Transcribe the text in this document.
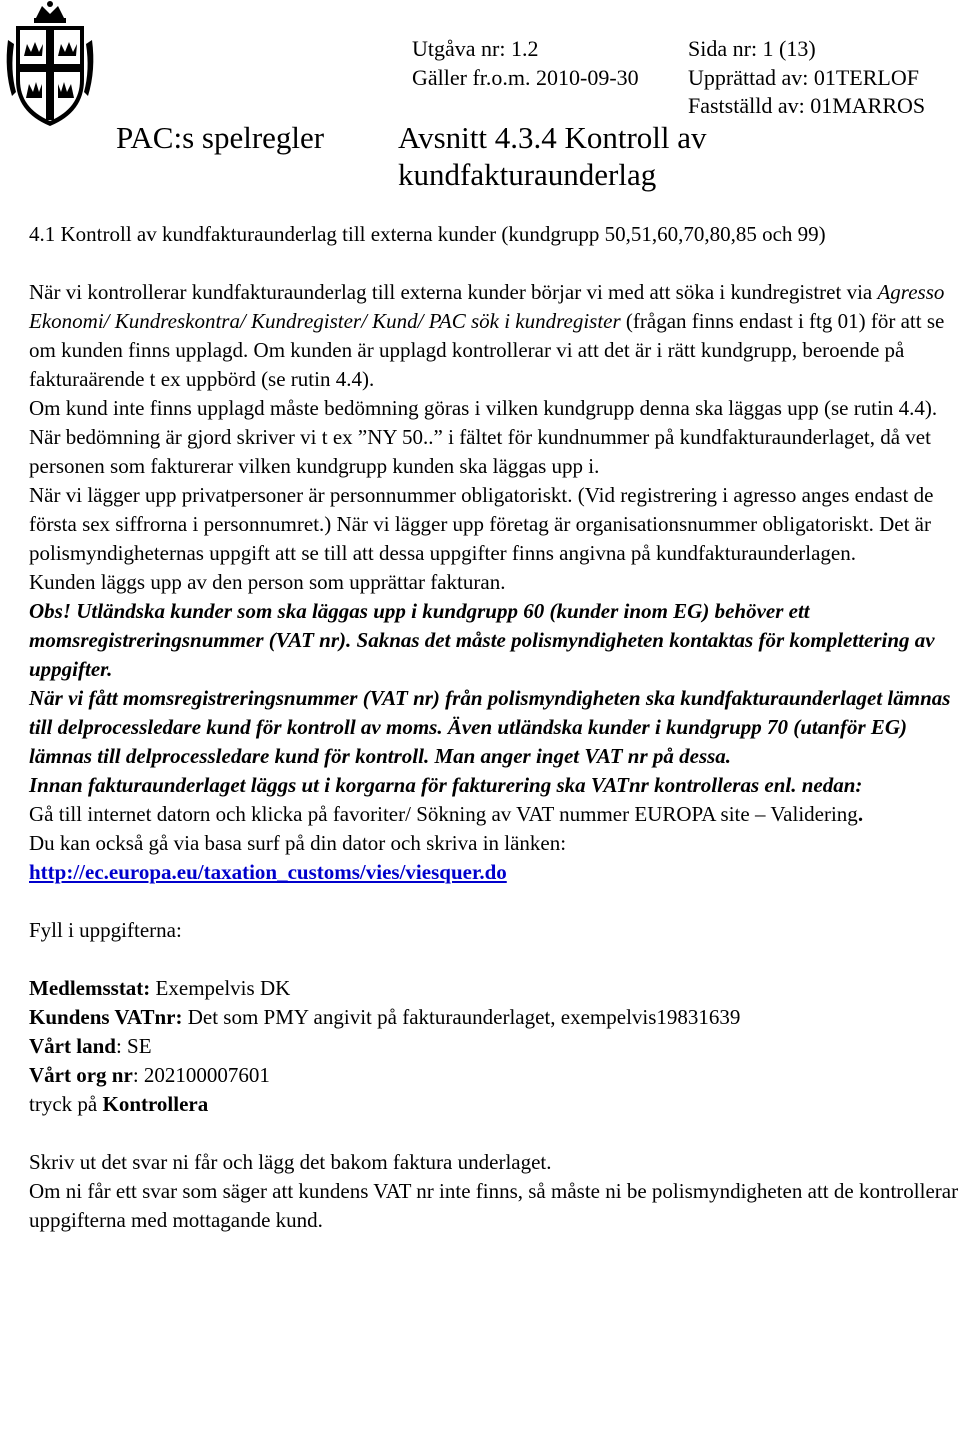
Utgåva nr: 1.2	Sida nr: 1 (13)
Gäller fr.o.m. 2010-09-30 Upprättad av: 01TERLOF
Fastställd av: 01MARROS
PAC:s spelregler Avsnitt 4.3.4 Kontroll av
kundfakturaunderlag

4.1 Kontroll av kundfakturaunderlag till externa kunder (kundgrupp 50,51,60,70,80,85 och 99)

När vi kontrollerar kundfakturaunderlag till externa kunder börjar vi med att söka i kundregistret via Agresso Ekonomi/ Kundreskontra/ Kundregister/ Kund/ PAC sök i kundregister (frågan finns endast i ftg 01) för att se om kunden finns upplagd. Om kunden är upplagd kontrollerar vi att det är i rätt kundgrupp, beroende på fakturaärende t ex uppbörd (se rutin 4.4).

Om kund inte finns upplagd måste bedömning göras i vilken kundgrupp denna ska läggas upp (se rutin 4.4). När bedömning är gjord skriver vi t ex ”NY 50..” i fältet för kundnummer på kundfakturaunderlaget, då vet personen som fakturerar vilken kundgrupp kunden ska läggas upp i.

När vi lägger upp privatpersoner är personnummer obligatoriskt. (Vid registrering i agresso anges endast de första sex siffrorna i personnumret.) När vi lägger upp företag är organisationsnummer obligatoriskt. Det är polismyndigheternas uppgift att se till att dessa uppgifter finns angivna på kundfakturaunderlagen.

Kunden läggs upp av den person som upprättar fakturan.

Obs! Utländska kunder som ska läggas upp i kundgrupp 60 (kunder inom EG) behöver ett momsregistreringsnummer (VAT nr). Saknas det måste polismyndigheten kontaktas för komplettering av uppgifter.

När vi fått momsregistreringsnummer (VAT nr) från polismyndigheten ska kundfakturaunderlaget lämnas till delprocessledare kund för kontroll av moms. Även utländska kunder i kundgrupp 70 (utanför EG) lämnas till delprocessledare kund för kontroll. Man anger inget VAT nr på dessa.

Innan fakturaunderlaget läggs ut i korgarna för fakturering ska VATnr kontrolleras enl. nedan:

Gå till internet datorn och klicka på favoriter/ Sökning av VAT nummer EUROPA site – Validering.

Du kan också gå via basa surf på din dator och skriva in länken:

http://ec.europa.eu/taxation_customs/vies/viesquer.do

Fyll i uppgifterna:

Medlemsstat: Exempelvis DK

Kundens VATnr: Det som PMY angivit på fakturaunderlaget, exempelvis19831639

Vårt land: SE

Vårt org nr: 202100007601

tryck på Kontrollera

Skriv ut det svar ni får och lägg det bakom faktura underlaget.

Om ni får ett svar som säger att kundens VAT nr inte finns, så måste ni be polismyndigheten att de kontrollerar uppgifterna med mottagande kund.
